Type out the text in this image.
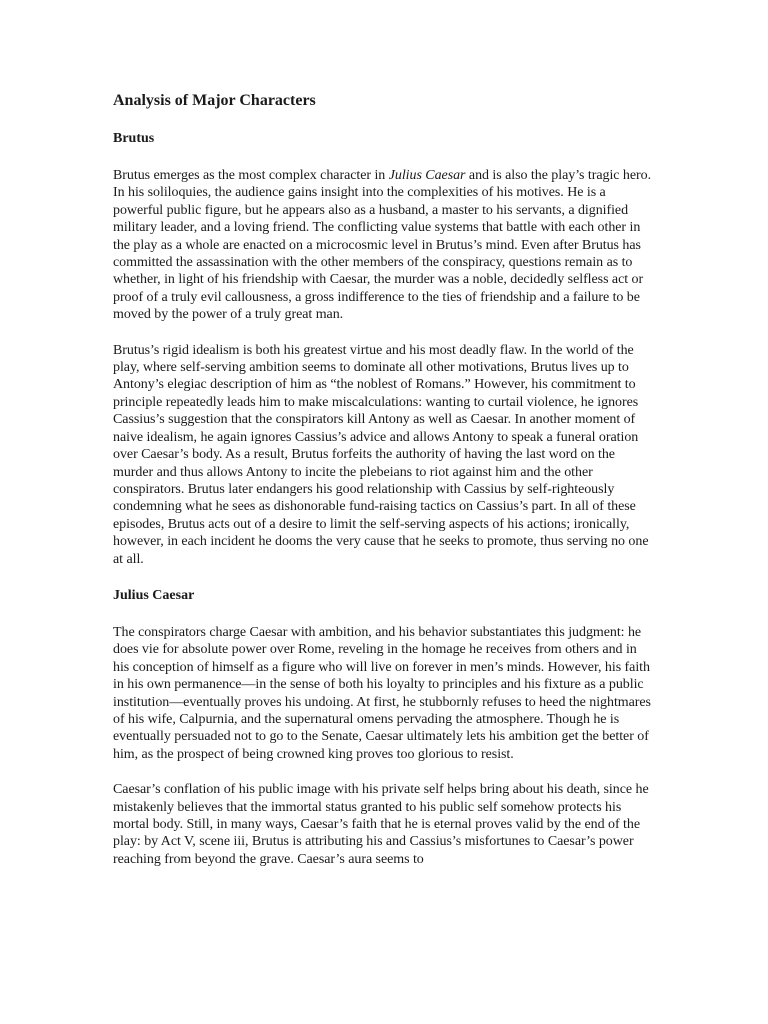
Analysis of Major Characters
Brutus

Brutus emerges as the most complex character in Julius Caesar and is also the play’s tragic hero. In his soliloquies, the audience gains insight into the complexities of his motives. He is a powerful public figure, but he appears also as a husband, a master to his servants, a dignified military leader, and a loving friend. The conflicting value systems that battle with each other in the play as a whole are enacted on a microcosmic level in Brutus’s mind. Even after Brutus has committed the assassination with the other members of the conspiracy, questions remain as to whether, in light of his friendship with Caesar, the murder was a noble, decidedly selfless act or proof of a truly evil callousness, a gross indifference to the ties of friendship and a failure to be moved by the power of a truly great man.

Brutus’s rigid idealism is both his greatest virtue and his most deadly flaw. In the world of the play, where self-serving ambition seems to dominate all other motivations, Brutus lives up to Antony’s elegiac description of him as “the noblest of Romans.” However, his commitment to principle repeatedly leads him to make miscalculations: wanting to curtail violence, he ignores Cassius’s suggestion that the conspirators kill Antony as well as Caesar. In another moment of naive idealism, he again ignores Cassius’s advice and allows Antony to speak a funeral oration over Caesar’s body. As a result, Brutus forfeits the authority of having the last word on the murder and thus allows Antony to incite the plebeians to riot against him and the other conspirators. Brutus later endangers his good relationship with Cassius by self-righteously condemning what he sees as dishonorable fund-raising tactics on Cassius’s part. In all of these episodes, Brutus acts out of a desire to limit the self-serving aspects of his actions; ironically, however, in each incident he dooms the very cause that he seeks to promote, thus serving no one at all.

Julius Caesar

The conspirators charge Caesar with ambition, and his behavior substantiates this judgment: he does vie for absolute power over Rome, reveling in the homage he receives from others and in his conception of himself as a figure who will live on forever in men’s minds. However, his faith in his own permanence—in the sense of both his loyalty to principles and his fixture as a public institution—eventually proves his undoing. At first, he stubbornly refuses to heed the nightmares of his wife, Calpurnia, and the supernatural omens pervading the atmosphere. Though he is eventually persuaded not to go to the Senate, Caesar ultimately lets his ambition get the better of him, as the prospect of being crowned king proves too glorious to resist.

Caesar’s conflation of his public image with his private self helps bring about his death, since he mistakenly believes that the immortal status granted to his public self somehow protects his mortal body. Still, in many ways, Caesar’s faith that he is eternal proves valid by the end of the play: by Act V, scene iii, Brutus is attributing his and Cassius’s misfortunes to Caesar’s power reaching from beyond the grave. Caesar’s aura seems to
